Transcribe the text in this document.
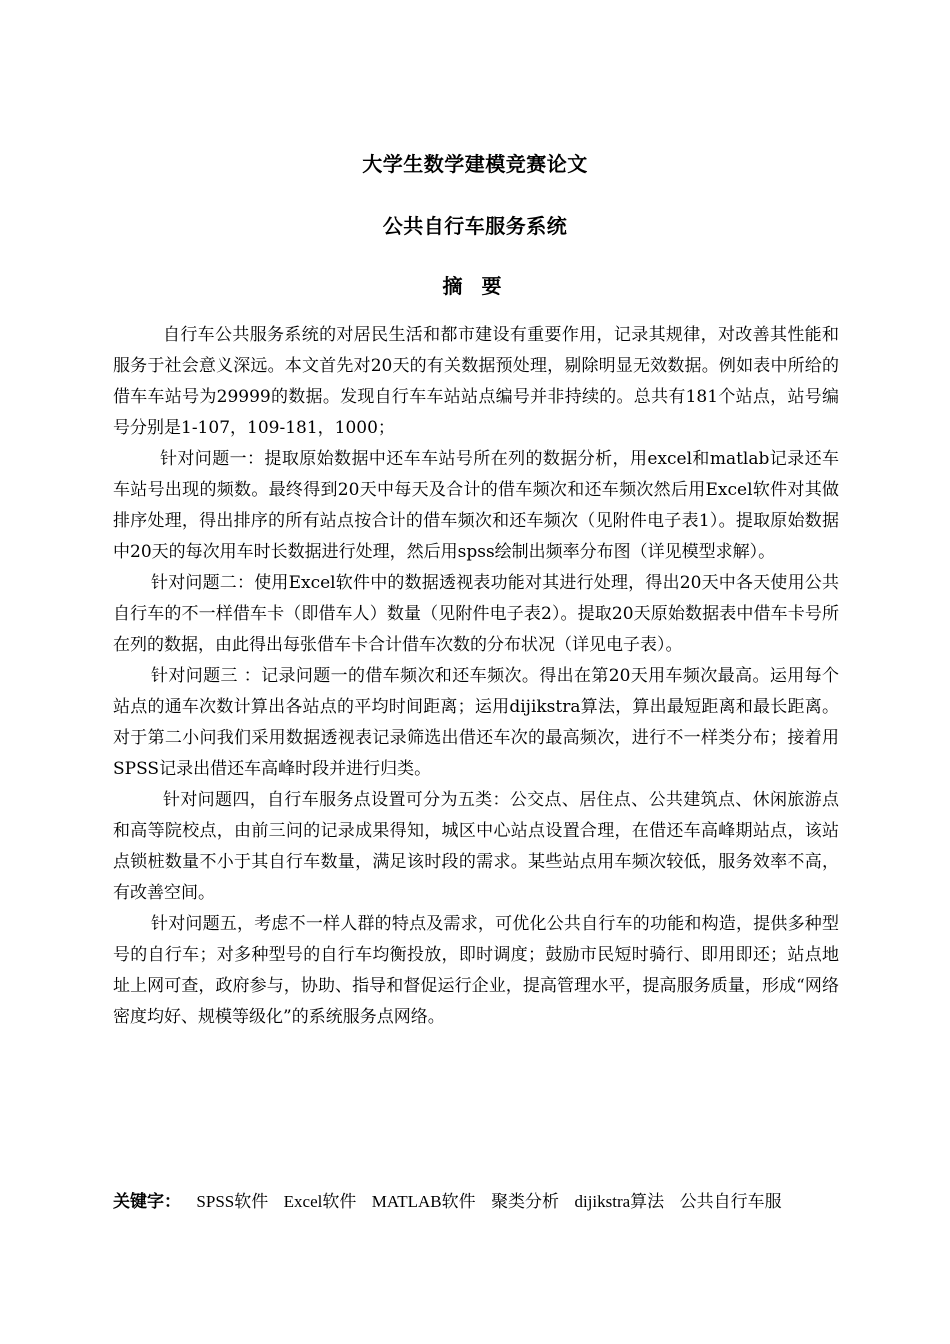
大学生数学建模竞赛论文
公共自行车服务系统
摘 要

自行车公共服务系统的对居民生活和都市建设有重要作用，记录其规律，对改善其性能和服务于社会意义深远。本文首先对20天的有关数据预处理，剔除明显无效数据。例如表中所给的借车车站号为29999的数据。发现自行车车站站点编号并非持续的。总共有181个站点，站号编号分别是1-107，109-181，1000；

针对问题一：提取原始数据中还车车站号所在列的数据分析，用excel和matlab记录还车车站号出现的频数。最终得到20天中每天及合计的借车频次和还车频次然后用Excel软件对其做排序处理，得出排序的所有站点按合计的借车频次和还车频次（见附件电子表1）。提取原始数据中20天的每次用车时长数据进行处理，然后用spss绘制出频率分布图（详见模型求解）。

针对问题二：使用Excel软件中的数据透视表功能对其进行处理，得出20天中各天使用公共自行车的不一样借车卡（即借车人）数量（见附件电子表2）。提取20天原始数据表中借车卡号所在列的数据，由此得出每张借车卡合计借车次数的分布状况（详见电子表）。

针对问题三 ：记录问题一的借车频次和还车频次。得出在第20天用车频次最高。运用每个站点的通车次数计算出各站点的平均时间距离；运用dijikstra算法，算出最短距离和最长距离。对于第二小问我们采用数据透视表记录筛选出借还车次的最高频次，进行不一样类分布；接着用SPSS记录出借还车高峰时段并进行归类。

针对问题四，自行车服务点设置可分为五类：公交点、居住点、公共建筑点、休闲旅游点和高等院校点，由前三问的记录成果得知，城区中心站点设置合理，在借还车高峰期站点，该站点锁桩数量不小于其自行车数量，满足该时段的需求。某些站点用车频次较低，服务效率不高，有改善空间。

针对问题五，考虑不一样人群的特点及需求，可优化公共自行车的功能和构造，提供多种型号的自行车；对多种型号的自行车均衡投放，即时调度；鼓励市民短时骑行、即用即还；站点地址上网可查，政府参与，协助、指导和督促运行企业，提高管理水平，提高服务质量，形成“网络密度均好、规模等级化”的系统服务点网络。

关键字： SPSS软件 Excel软件 MATLAB软件 聚类分析 dijikstra算法 公共自行车服
